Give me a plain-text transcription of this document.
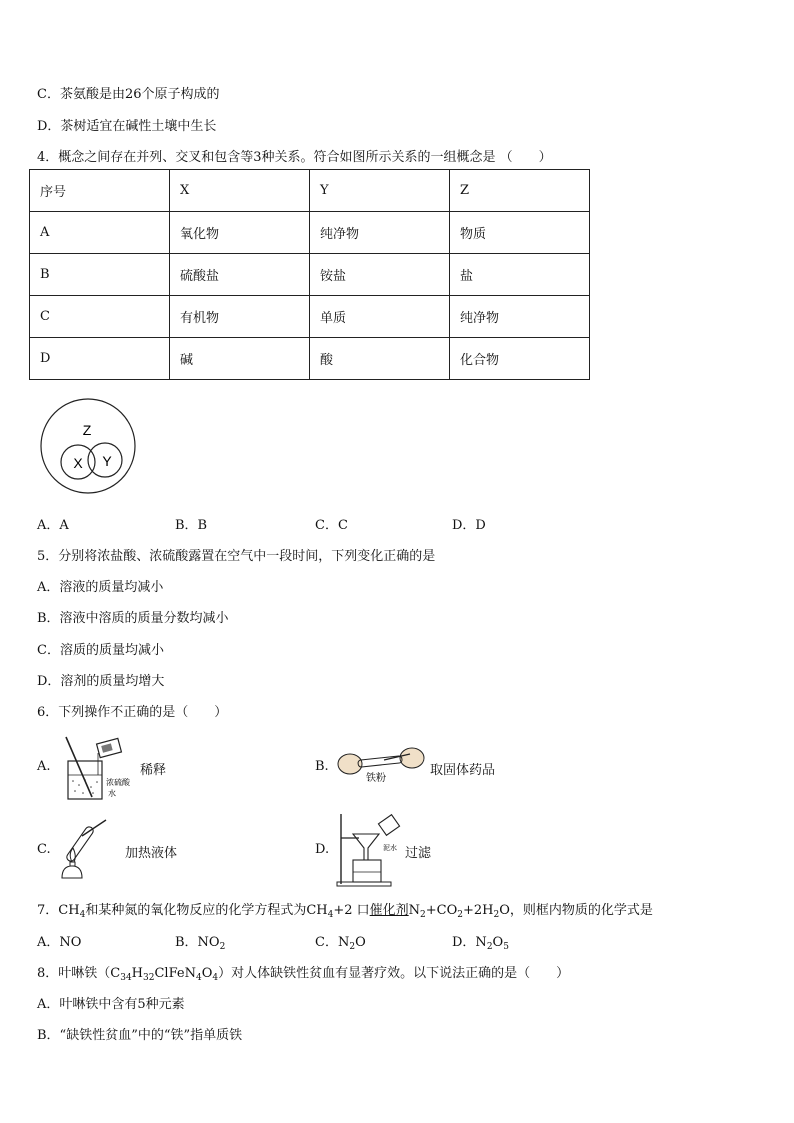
C．茶氨酸是由26个原子构成的
D．茶树适宜在碱性土壤中生长
4．概念之间存在并列、交叉和包含等3种关系。符合如图所示关系的一组概念是 （　　）
序号	X	Y	Z
A	氧化物	纯净物	物质
B	硫酸盐	铵盐	盐
C	有机物	单质	纯净物
D	碱	酸	化合物
Z
X Y
A．A	B．B	C．C	D．D
5．分别将浓盐酸、浓硫酸露置在空气中一段时间，下列变化正确的是
A．溶液的质量均减小
B．溶液中溶质的质量分数均减小
C．溶质的质量均减小
D．溶剂的质量均增大
6．下列操作不正确的是（　　）
A.
浓硫酸
水
稀释	B.
铁粉
取固体药品
C.	加热液体	D.	泥水 过滤
7．$CH_4$和某种氮的氧化物反应的化学方程式为$CH_4+2$ 口催化剂$N_2+CO_2+2H_2O$，则框内物质的化学式是
A．NO	B．$NO_2$	C．$N_2O$	D．$N_2O_5$
8．叶啉铁$(C_{34}H_{32}ClFeN_4O_4)$对人体缺铁性贫血有显著疗效。以下说法正确的是（　　）
A．叶啉铁中含有5种元素
B．“缺铁性贫血”中的“铁”指单质铁
